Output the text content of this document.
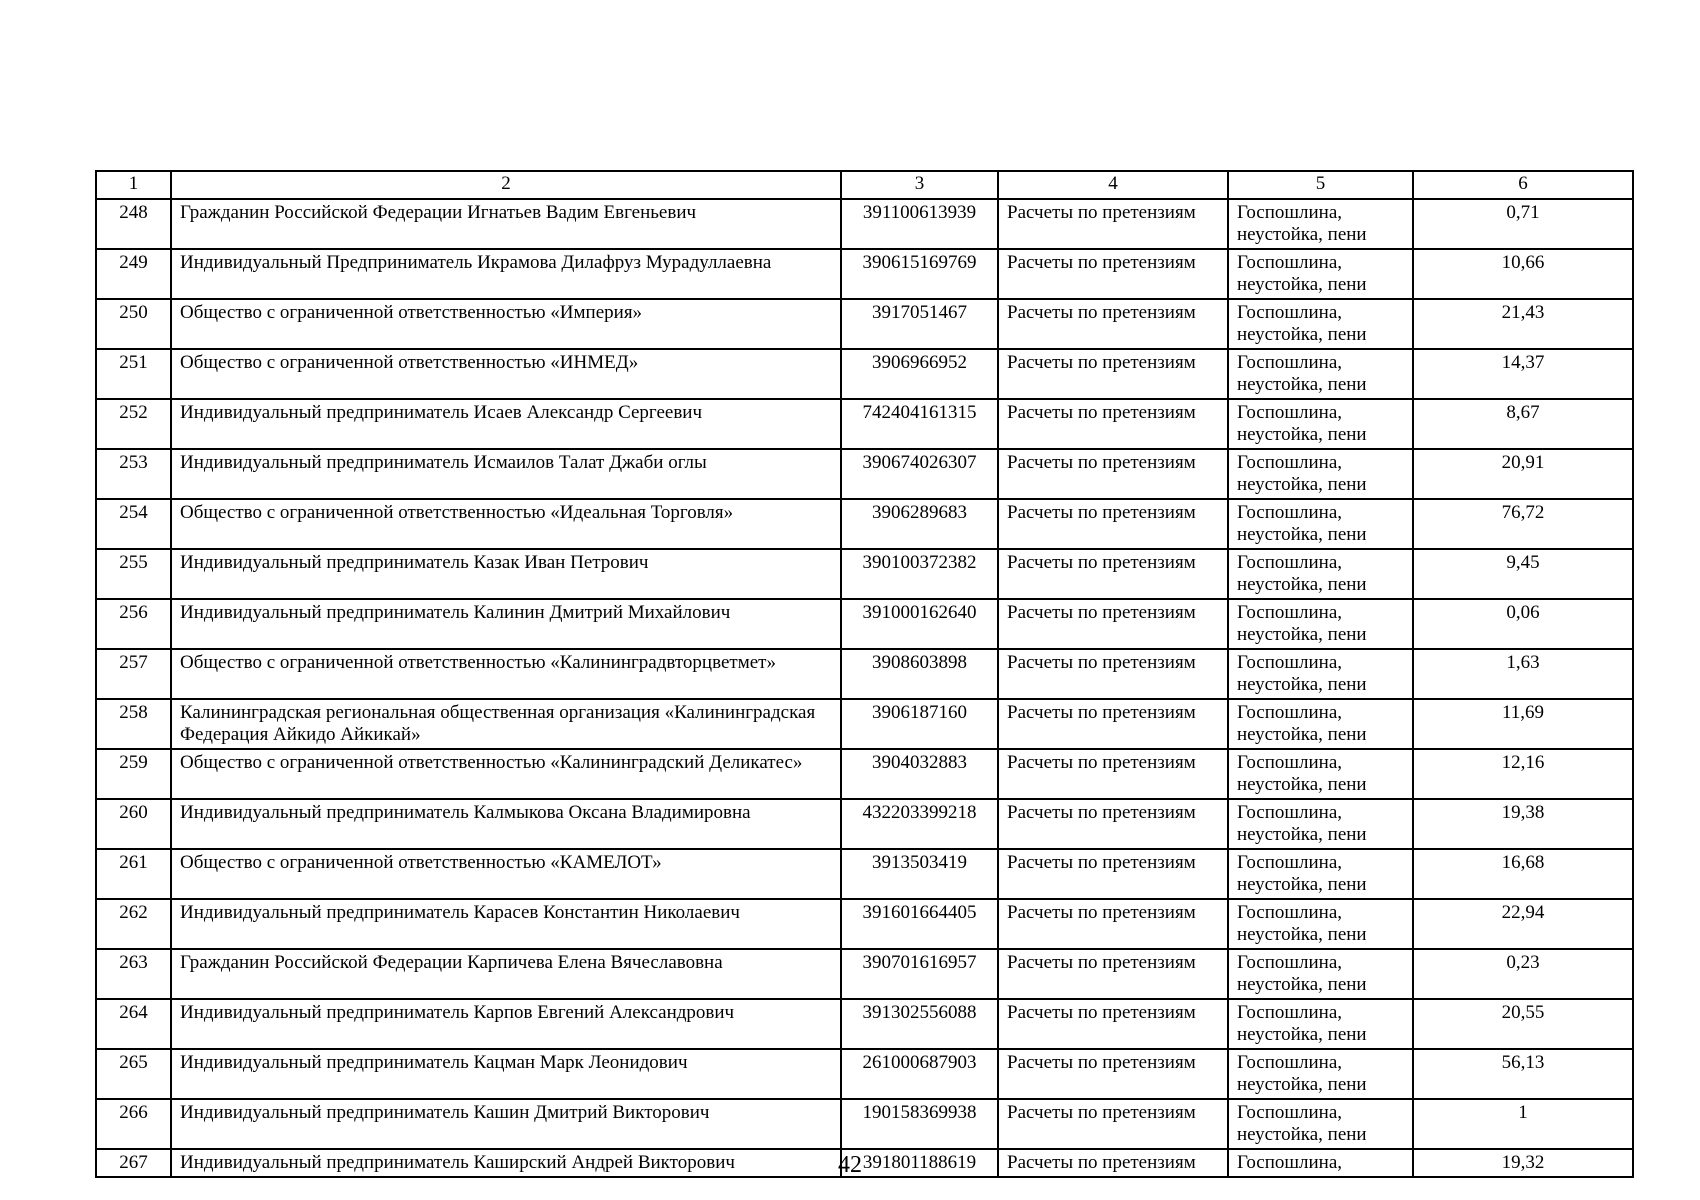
1	2	3	4	5	6
248	Гражданин Российской Федерации Игнатьев Вадим Евгеньевич	391100613939	Расчеты по претензиям	Госпошлина, неустойка, пени	0,71
249	Индивидуальный Предприниматель Икрамова Дилафруз Мурадуллаевна	390615169769	Расчеты по претензиям	Госпошлина, неустойка, пени	10,66
250	Общество с ограниченной ответственностью «Империя»	3917051467	Расчеты по претензиям	Госпошлина, неустойка, пени	21,43
251	Общество с ограниченной ответственностью «ИНМЕД»	3906966952	Расчеты по претензиям	Госпошлина, неустойка, пени	14,37
252	Индивидуальный предприниматель Исаев Александр Сергеевич	742404161315	Расчеты по претензиям	Госпошлина, неустойка, пени	8,67
253	Индивидуальный предприниматель Исмаилов Талат Джаби оглы	390674026307	Расчеты по претензиям	Госпошлина, неустойка, пени	20,91
254	Общество с ограниченной ответственностью «Идеальная Торговля»	3906289683	Расчеты по претензиям	Госпошлина, неустойка, пени	76,72
255	Индивидуальный предприниматель Казак Иван Петрович	390100372382	Расчеты по претензиям	Госпошлина, неустойка, пени	9,45
256	Индивидуальный предприниматель Калинин Дмитрий Михайлович	391000162640	Расчеты по претензиям	Госпошлина, неустойка, пени	0,06
257	Общество с ограниченной ответственностью «Калининградвторцветмет»	3908603898	Расчеты по претензиям	Госпошлина, неустойка, пени	1,63
258	Калининградская региональная общественная организация «Калининградская Федерация Айкидо Айкикай»	3906187160	Расчеты по претензиям	Госпошлина, неустойка, пени	11,69
259	Общество с ограниченной ответственностью «Калининградский Деликатес»	3904032883	Расчеты по претензиям	Госпошлина, неустойка, пени	12,16
260	Индивидуальный предприниматель Калмыкова Оксана Владимировна	432203399218	Расчеты по претензиям	Госпошлина, неустойка, пени	19,38
261	Общество с ограниченной ответственностью «КАМЕЛОТ»	3913503419	Расчеты по претензиям	Госпошлина, неустойка, пени	16,68
262	Индивидуальный предприниматель Карасев Константин Николаевич	391601664405	Расчеты по претензиям	Госпошлина, неустойка, пени	22,94
263	Гражданин Российской Федерации Карпичева Елена Вячеславовна	390701616957	Расчеты по претензиям	Госпошлина, неустойка, пени	0,23
264	Индивидуальный предприниматель Карпов Евгений Александрович	391302556088	Расчеты по претензиям	Госпошлина, неустойка, пени	20,55
265	Индивидуальный предприниматель Кацман Марк Леонидович	261000687903	Расчеты по претензиям	Госпошлина, неустойка, пени	56,13
266	Индивидуальный предприниматель Кашин Дмитрий Викторович	190158369938	Расчеты по претензиям	Госпошлина, неустойка, пени	1
267	Индивидуальный предприниматель Каширский Андрей Викторович	391801188619	Расчеты по претензиям	Госпошлина,	19,32
42
